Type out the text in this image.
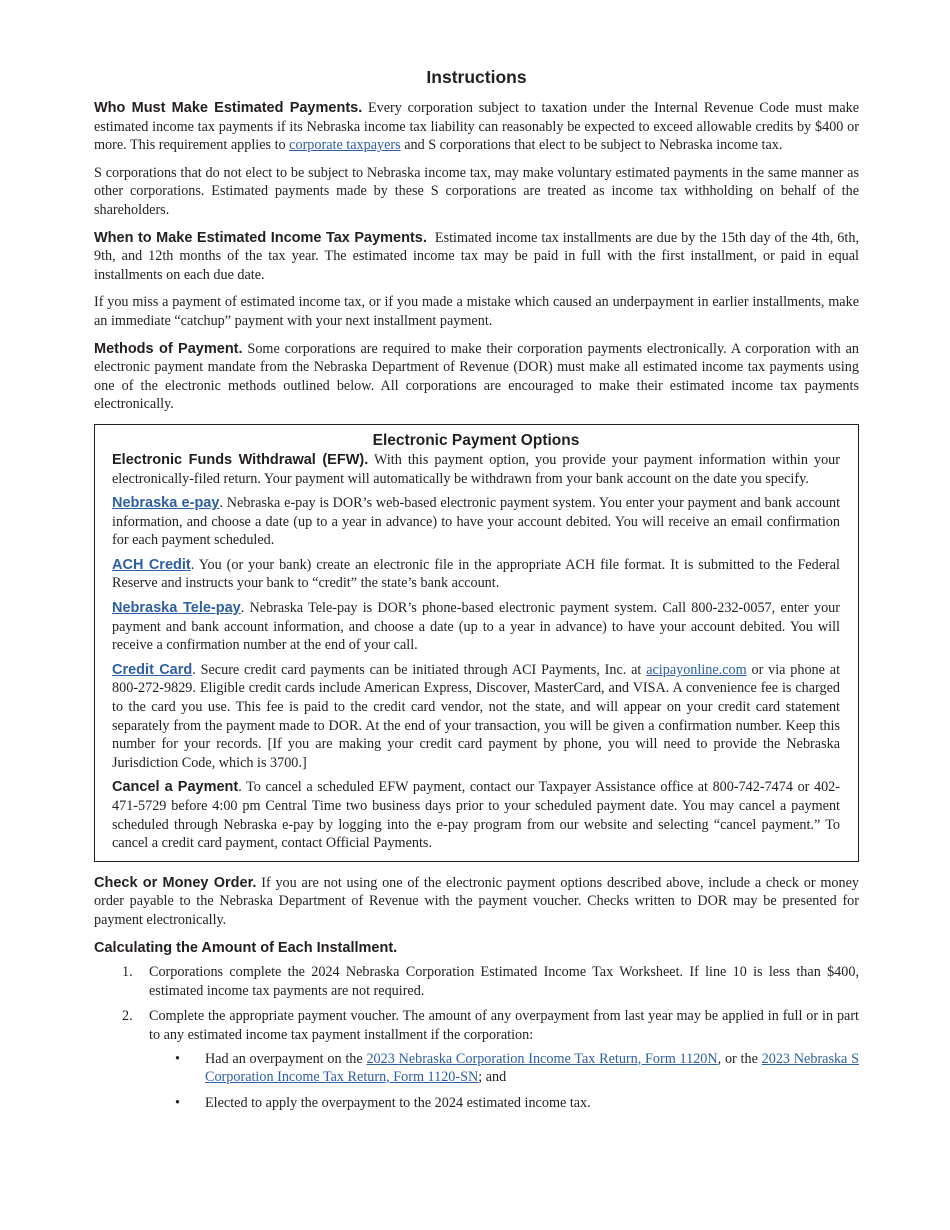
Instructions

Who Must Make Estimated Payments. Every corporation subject to taxation under the Internal Revenue Code must make estimated income tax payments if its Nebraska income tax liability can reasonably be expected to exceed allowable credits by $400 or more. This requirement applies to corporate taxpayers and S corporations that elect to be subject to Nebraska income tax.

S corporations that do not elect to be subject to Nebraska income tax, may make voluntary estimated payments in the same manner as other corporations. Estimated payments made by these S corporations are treated as income tax withholding on behalf of the shareholders.

When to Make Estimated Income Tax Payments.  Estimated income tax installments are due by the 15th day of the 4th, 6th, 9th, and 12th months of the tax year. The estimated income tax may be paid in full with the first installment, or paid in equal installments on each due date.

If you miss a payment of estimated income tax, or if you made a mistake which caused an underpayment in earlier installments, make an immediate “catchup” payment with your next installment payment.

Methods of Payment. Some corporations are required to make their corporation payments electronically. A corporation with an electronic payment mandate from the Nebraska Department of Revenue (DOR) must make all estimated income tax payments using one of the electronic methods outlined below. All corporations are encouraged to make their estimated income tax payments electronically.

Electronic Payment Options

Electronic Funds Withdrawal (EFW). With this payment option, you provide your payment information within your electronically-filed return. Your payment will automatically be withdrawn from your bank account on the date you specify.

Nebraska e-pay. Nebraska e-pay is DOR’s web-based electronic payment system. You enter your payment and bank account information, and choose a date (up to a year in advance) to have your account debited. You will receive an email confirmation for each payment scheduled.

ACH Credit. You (or your bank) create an electronic file in the appropriate ACH file format. It is submitted to the Federal Reserve and instructs your bank to “credit” the state’s bank account.

Nebraska Tele-pay. Nebraska Tele-pay is DOR’s phone-based electronic payment system. Call 800-232-0057, enter your payment and bank account information, and choose a date (up to a year in advance) to have your account debited. You will receive a confirmation number at the end of your call.

Credit Card. Secure credit card payments can be initiated through ACI Payments, Inc. at acipayonline.com or via phone at 800-272-9829. Eligible credit cards include American Express, Discover, MasterCard, and VISA. A convenience fee is charged to the card you use. This fee is paid to the credit card vendor, not the state, and will appear on your credit card statement separately from the payment made to DOR. At the end of your transaction, you will be given a confirmation number. Keep this number for your records. [If you are making your credit card payment by phone, you will need to provide the Nebraska Jurisdiction Code, which is 3700.]

Cancel a Payment. To cancel a scheduled EFW payment, contact our Taxpayer Assistance office at 800-742-7474 or 402-471-5729 before 4:00 pm Central Time two business days prior to your scheduled payment date. You may cancel a payment scheduled through Nebraska e-pay by logging into the e-pay program from our website and selecting “cancel payment.” To cancel a credit card payment, contact Official Payments.

Check or Money Order. If you are not using one of the electronic payment options described above, include a check or money order payable to the Nebraska Department of Revenue with the payment voucher. Checks written to DOR may be presented for payment electronically.

Calculating the Amount of Each Installment.

1. Corporations complete the 2024 Nebraska Corporation Estimated Income Tax Worksheet. If line 10 is less than $400, estimated income tax payments are not required.
2. Complete the appropriate payment voucher. The amount of any overpayment from last year may be applied in full or in part to any estimated income tax payment installment if the corporation:
• Had an overpayment on the 2023 Nebraska Corporation Income Tax Return, Form 1120N, or the 2023 Nebraska S Corporation Income Tax Return, Form 1120-SN; and
• Elected to apply the overpayment to the 2024 estimated income tax.
